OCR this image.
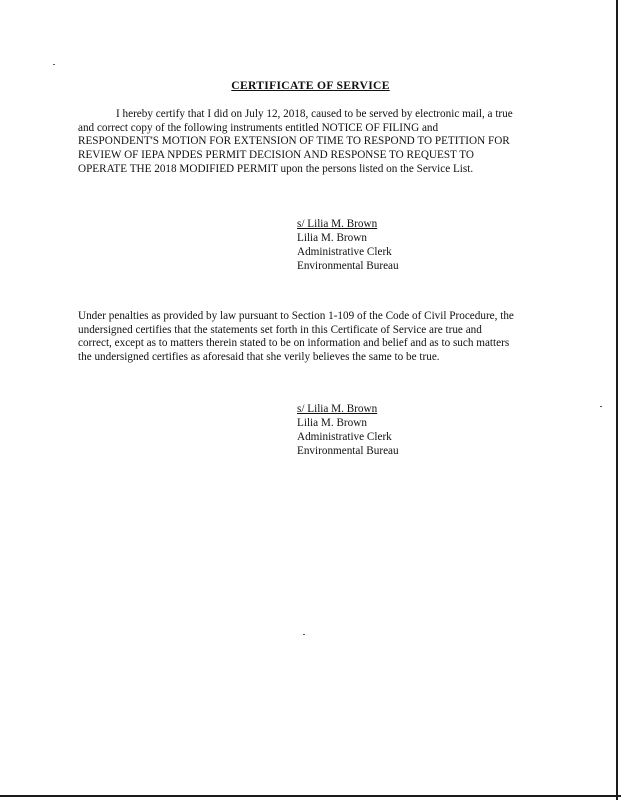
CERTIFICATE OF SERVICE

I hereby certify that I did on July 12, 2018, caused to be served by electronic mail, a true
and correct copy of the following instruments entitled NOTICE OF FILING and
RESPONDENT'S MOTION FOR EXTENSION OF TIME TO RESPOND TO PETITION FOR
REVIEW OF IEPA NPDES PERMIT DECISION AND RESPONSE TO REQUEST TO
OPERATE THE 2018 MODIFIED PERMIT upon the persons listed on the Service List.

s/ Lilia M. Brown
Lilia M. Brown
Administrative Clerk
Environmental Bureau

Under penalties as provided by law pursuant to Section 1-109 of the Code of Civil Procedure, the
undersigned certifies that the statements set forth in this Certificate of Service are true and
correct, except as to matters therein stated to be on information and belief and as to such matters
the undersigned certifies as aforesaid that she verily believes the same to be true.

s/ Lilia M. Brown
Lilia M. Brown
Administrative Clerk
Environmental Bureau
